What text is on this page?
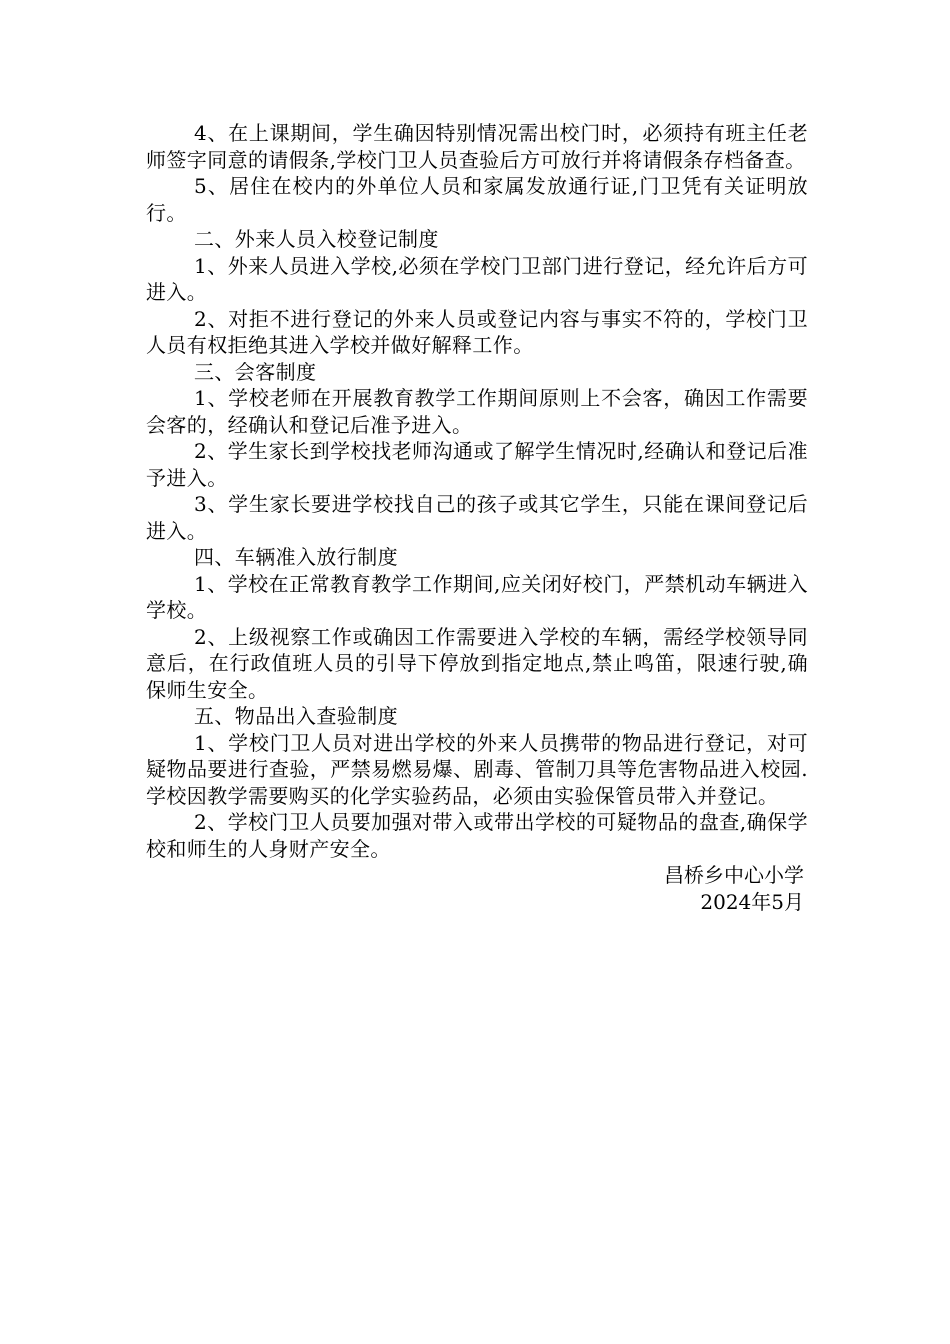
4、在上课期间，学生确因特别情况需出校门时，必须持有班主任老师签字同意的请假条,学校门卫人员查验后方可放行并将请假条存档备查。

5、居住在校内的外单位人员和家属发放通行证,门卫凭有关证明放行。

二、外来人员入校登记制度

1、外来人员进入学校,必须在学校门卫部门进行登记，经允许后方可进入。

2、对拒不进行登记的外来人员或登记内容与事实不符的，学校门卫人员有权拒绝其进入学校并做好解释工作。

三、会客制度

1、学校老师在开展教育教学工作期间原则上不会客，确因工作需要会客的，经确认和登记后准予进入。

2、学生家长到学校找老师沟通或了解学生情况时,经确认和登记后准予进入。

3、学生家长要进学校找自己的孩子或其它学生，只能在课间登记后进入。

四、车辆准入放行制度

1、学校在正常教育教学工作期间,应关闭好校门，严禁机动车辆进入学校。

2、上级视察工作或确因工作需要进入学校的车辆，需经学校领导同意后，在行政值班人员的引导下停放到指定地点,禁止鸣笛，限速行驶,确保师生安全。

五、物品出入查验制度

1、学校门卫人员对进出学校的外来人员携带的物品进行登记，对可疑物品要进行查验，严禁易燃易爆、剧毒、管制刀具等危害物品进入校园.学校因教学需要购买的化学实验药品，必须由实验保管员带入并登记。

2、学校门卫人员要加强对带入或带出学校的可疑物品的盘查,确保学校和师生的人身财产安全。

昌桥乡中心小学

2024年5月
